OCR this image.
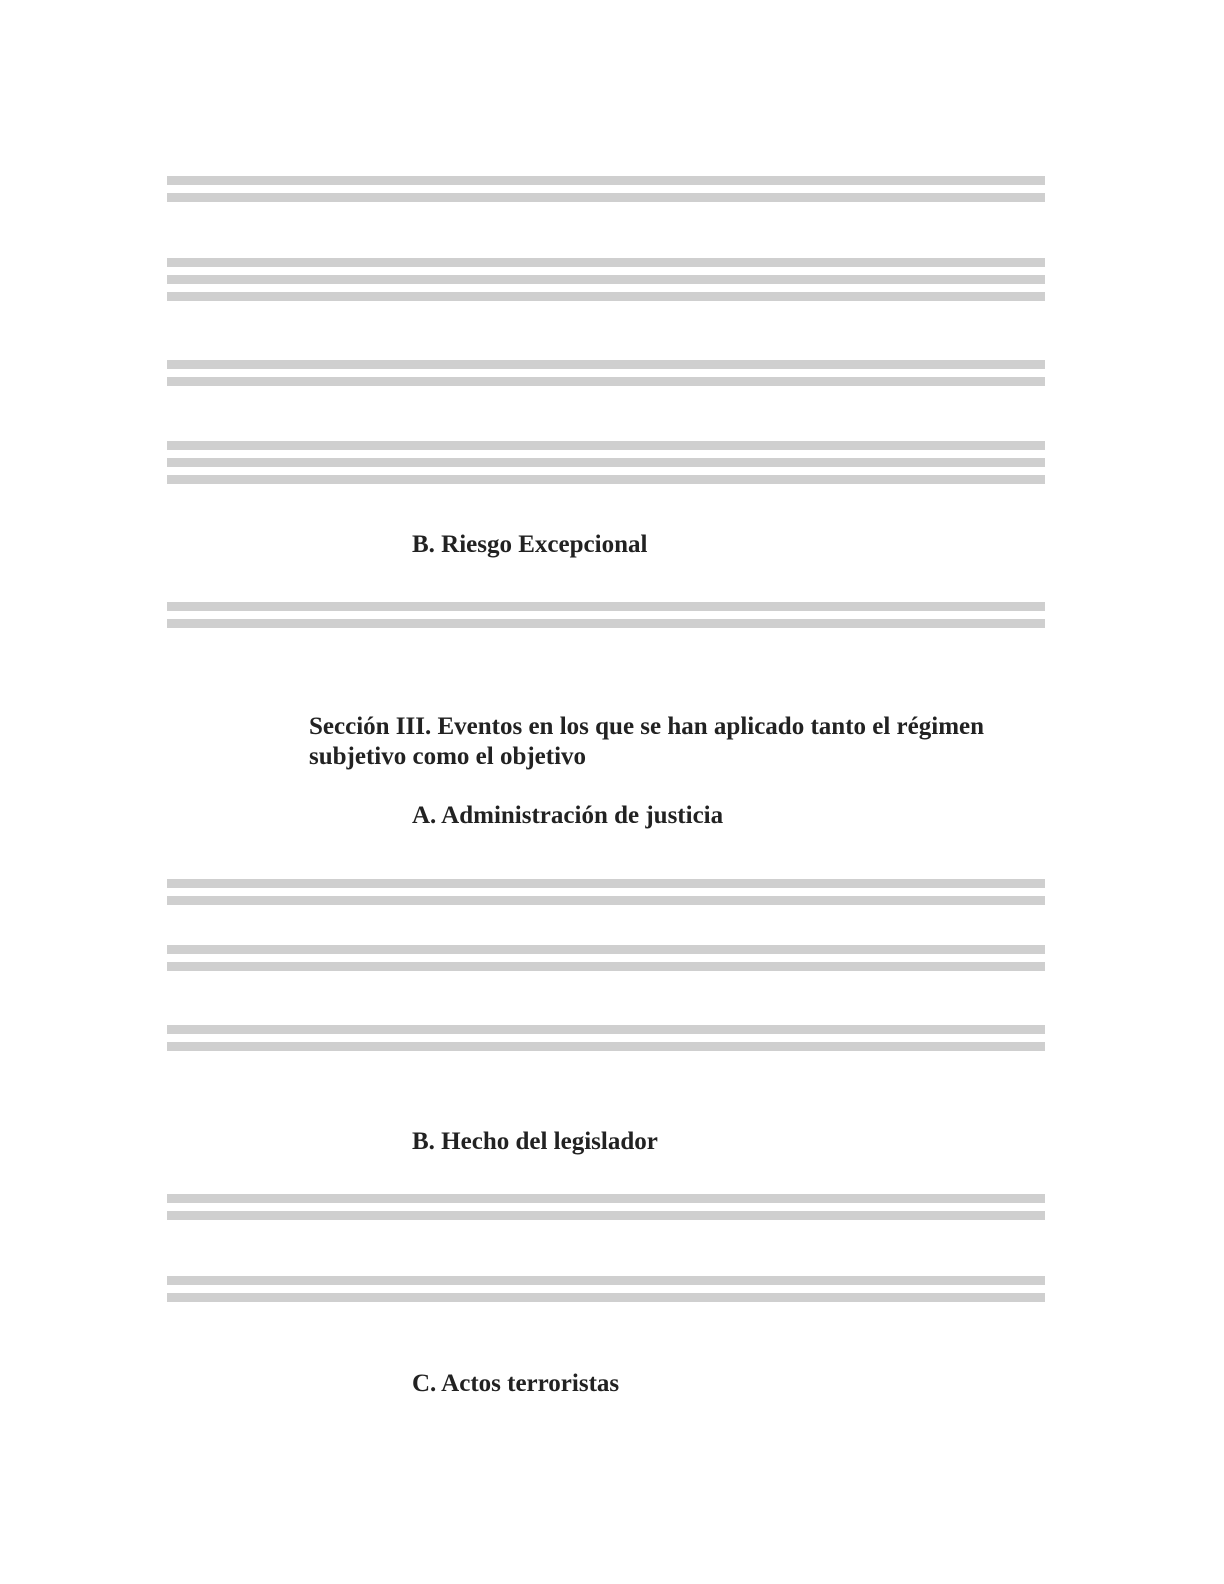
B. Riesgo Excepcional

Sección III. Eventos en los que se han aplicado tanto el régimen subjetivo como el objetivo
A. Administración de justicia

B. Hecho del legislador

C. Actos terroristas
